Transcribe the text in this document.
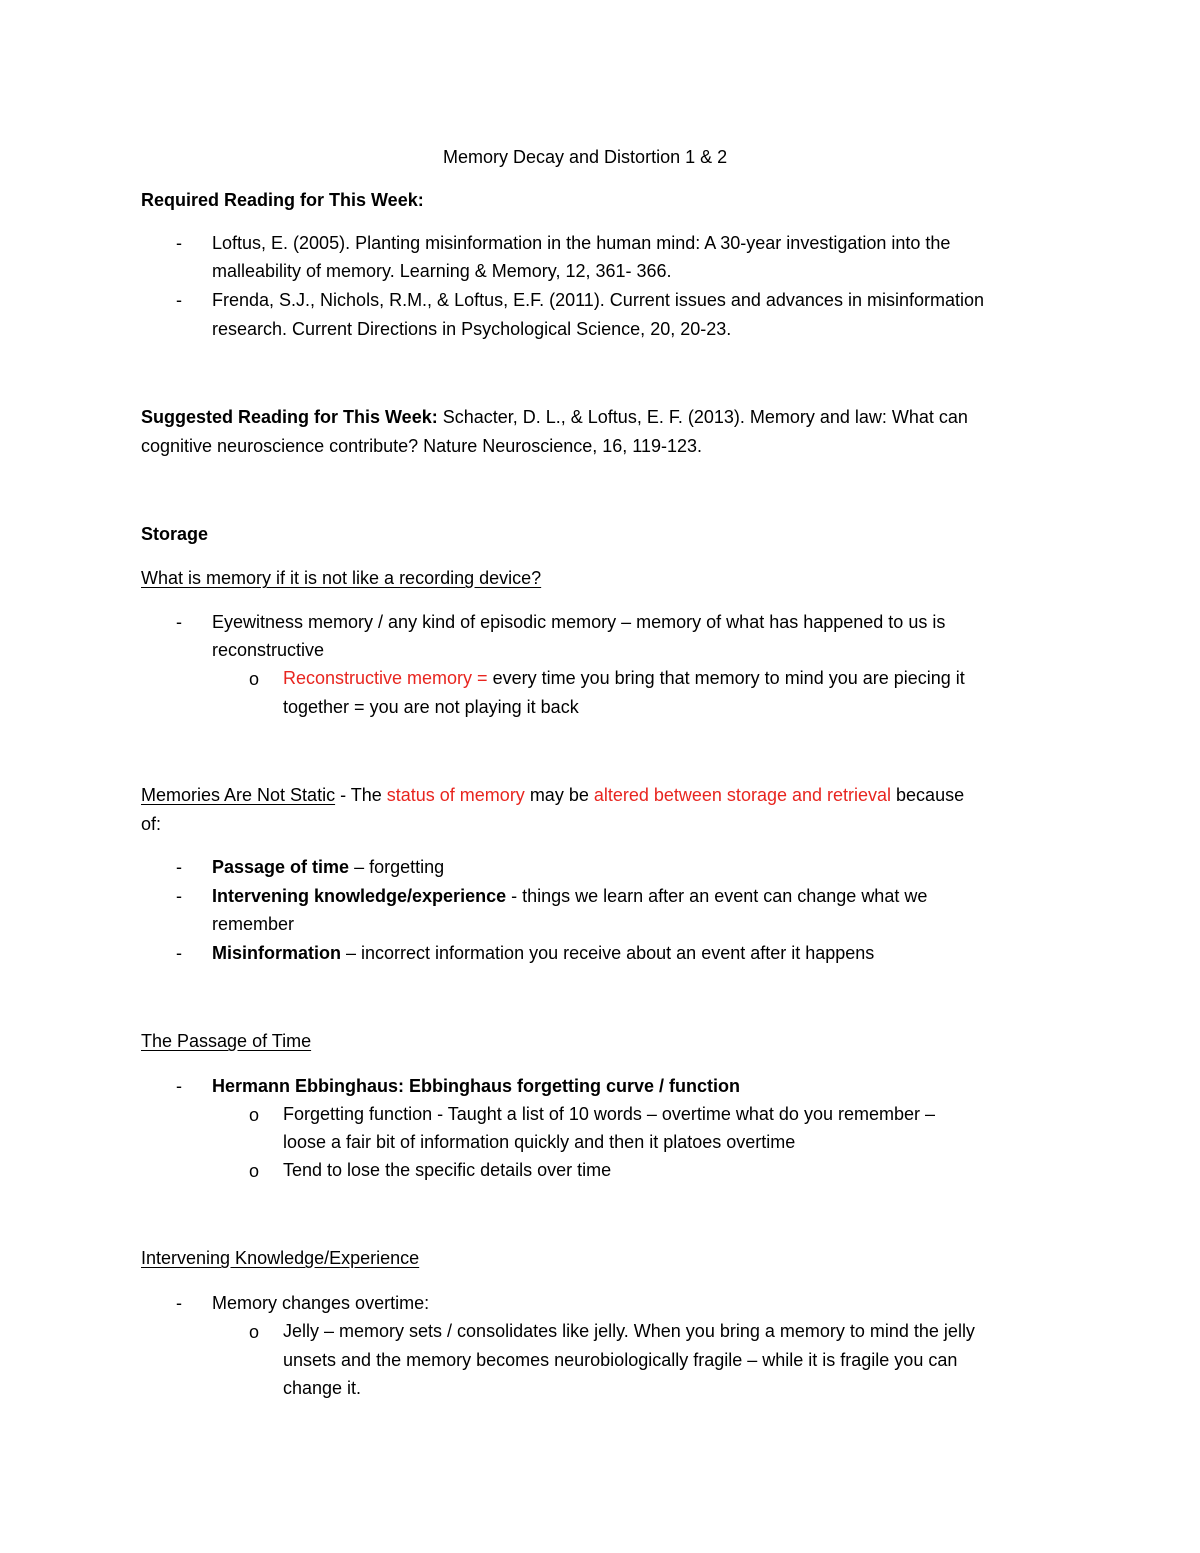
Memory Decay and Distortion 1 & 2
Required Reading for This Week:
- Loftus, E. (2005). Planting misinformation in the human mind: A 30-year investigation into the
malleability of memory. Learning & Memory, 12, 361- 366.
- Frenda, S.J., Nichols, R.M., & Loftus, E.F. (2011). Current issues and advances in misinformation
research. Current Directions in Psychological Science, 20, 20-23.
Suggested Reading for This Week: Schacter, D. L., & Loftus, E. F. (2013). Memory and law: What can
cognitive neuroscience contribute? Nature Neuroscience, 16, 119-123.
Storage
What is memory if it is not like a recording device?
- Eyewitness memory / any kind of episodic memory – memory of what has happened to us is
reconstructive
o Reconstructive memory = every time you bring that memory to mind you are piecing it
together = you are not playing it back
Memories Are Not Static - The status of memory may be altered between storage and retrieval because
of:
- Passage of time – forgetting
- Intervening knowledge/experience - things we learn after an event can change what we
remember
- Misinformation – incorrect information you receive about an event after it happens
The Passage of Time
- Hermann Ebbinghaus: Ebbinghaus forgetting curve / function
o Forgetting function - Taught a list of 10 words – overtime what do you remember –
loose a fair bit of information quickly and then it platoes overtime
o Tend to lose the specific details over time
Intervening Knowledge/Experience
- Memory changes overtime:
o Jelly – memory sets / consolidates like jelly. When you bring a memory to mind the jelly
unsets and the memory becomes neurobiologically fragile – while it is fragile you can
change it.
